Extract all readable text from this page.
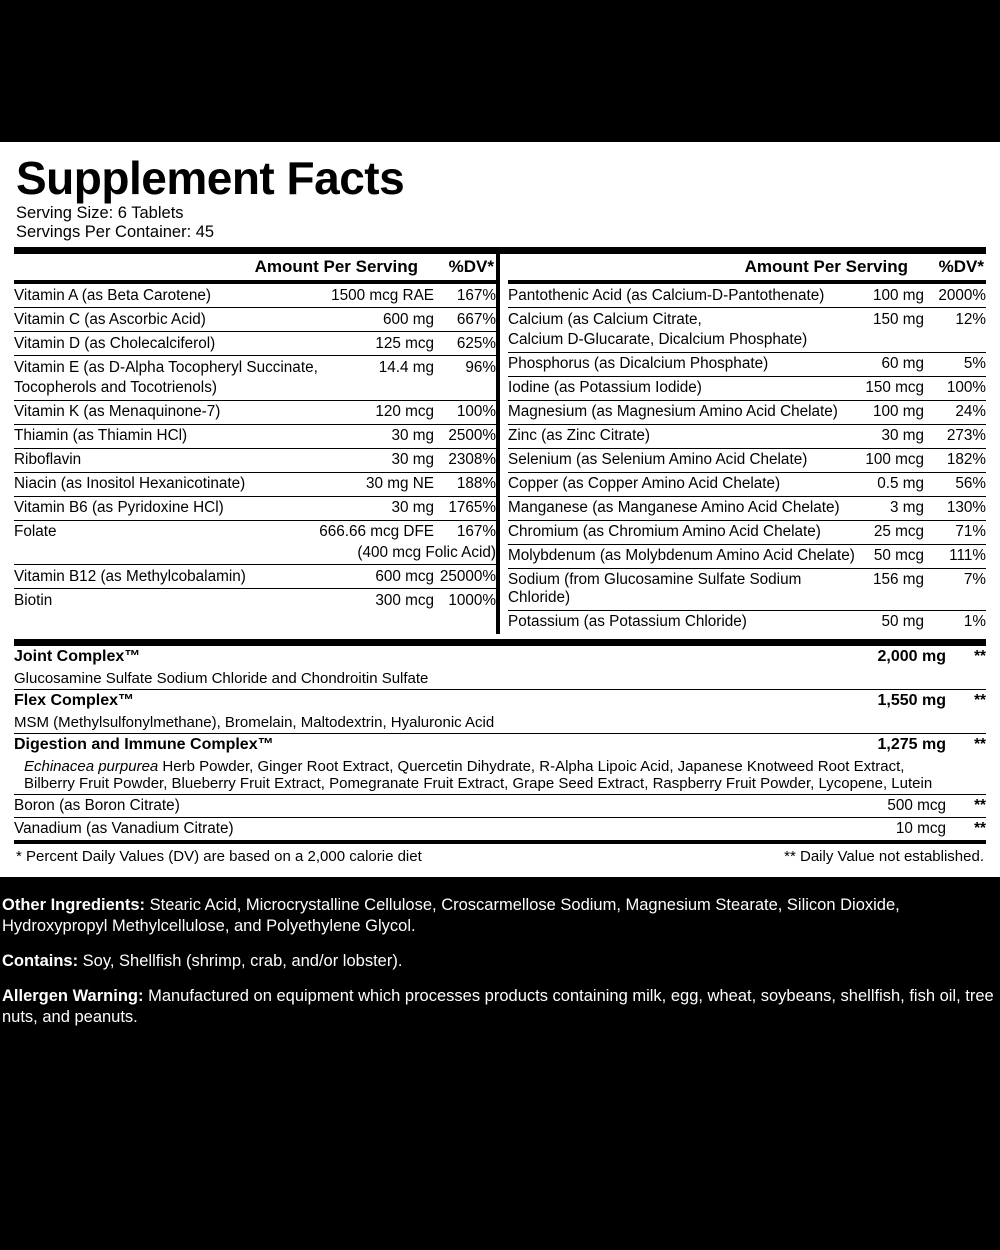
Supplement Facts
Serving Size: 6 Tablets
Servings Per Container: 45
Amount Per Serving	%DV*
Vitamin A (as Beta Carotene)	1500 mcg RAE	167%
Vitamin C (as Ascorbic Acid)	600 mg	667%
Vitamin D (as Cholecalciferol)	125 mcg	625%
Vitamin E (as D-Alpha Tocopheryl Succinate,	14.4 mg	96%
Tocopherols and Tocotrienols)		
Vitamin K (as Menaquinone-7)	120 mcg	100%
Thiamin (as Thiamin HCl)	30 mg	2500%
Riboflavin	30 mg	2308%
Niacin (as Inositol Hexanicotinate)	30 mg NE	188%
Vitamin B6 (as Pyridoxine HCl)	30 mg	1765%
Folate	666.66 mcg DFE	167%
	(400 mcg Folic Acid)	
Vitamin B12 (as Methylcobalamin)	600 mcg	25000%
Biotin	300 mcg	1000%
Amount Per Serving	%DV*
Pantothenic Acid (as Calcium-D-Pantothenate)	100 mg	2000%
Calcium (as Calcium Citrate,	150 mg	12%
Calcium D-Glucarate, Dicalcium Phosphate)		
Phosphorus (as Dicalcium Phosphate)	60 mg	5%
Iodine (as Potassium Iodide)	150 mcg	100%
Magnesium (as Magnesium Amino Acid Chelate)	100 mg	24%
Zinc (as Zinc Citrate)	30 mg	273%
Selenium (as Selenium Amino Acid Chelate)	100 mcg	182%
Copper (as Copper Amino Acid Chelate)	0.5 mg	56%
Manganese (as Manganese Amino Acid Chelate)	3 mg	130%
Chromium (as Chromium Amino Acid Chelate)	25 mcg	71%
Molybdenum (as Molybdenum Amino Acid Chelate)	50 mcg	111%
Sodium (from Glucosamine Sulfate Sodium Chloride)	156 mg	7%
Potassium (as Potassium Chloride)	50 mg	1%
Joint Complex™	2,000 mg	**
Glucosamine Sulfate Sodium Chloride and Chondroitin Sulfate		
Flex Complex™	1,550 mg	**
MSM (Methylsulfonylmethane), Bromelain, Maltodextrin, Hyaluronic Acid		
Digestion and Immune Complex™	1,275 mg	**
Echinacea purpurea Herb Powder, Ginger Root Extract, Quercetin Dihydrate, R-Alpha Lipoic Acid, Japanese Knotweed Root Extract,
Bilberry Fruit Powder, Blueberry Fruit Extract, Pomegranate Fruit Extract, Grape Seed Extract, Raspberry Fruit Powder, Lycopene, Lutein		
Boron (as Boron Citrate)	500 mcg	**
Vanadium (as Vanadium Citrate)	10 mcg	**
* Percent Daily Values (DV) are based on a 2,000 calorie diet	** Daily Value not established.

Other Ingredients: Stearic Acid, Microcrystalline Cellulose, Croscarmellose Sodium, Magnesium Stearate, Silicon Dioxide, Hydroxypropyl Methylcellulose, and Polyethylene Glycol.

Contains: Soy, Shellfish (shrimp, crab, and/or lobster).

Allergen Warning: Manufactured on equipment which processes products containing milk, egg, wheat, soybeans, shellfish, fish oil, tree nuts, and peanuts.
